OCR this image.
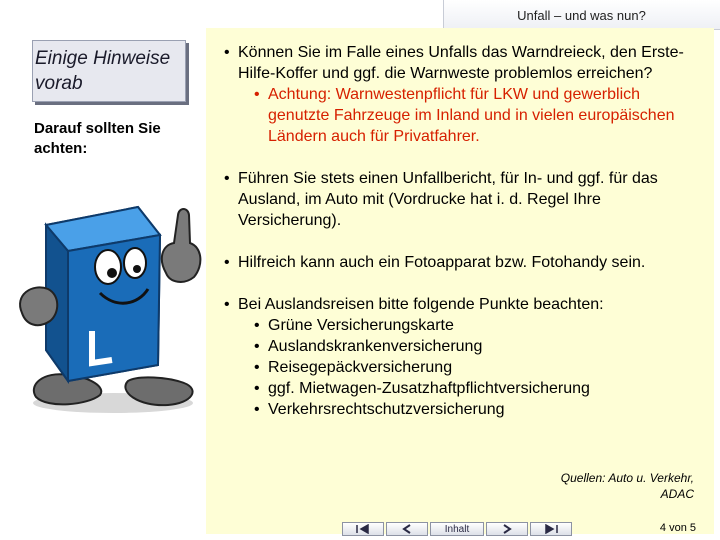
Unfall – und was nun?
Einige Hinweise vorab
Darauf sollten Sie achten:
• Können Sie im Falle eines Unfalls das Warndreieck, den Erste-Hilfe-Koffer und ggf. die Warnweste problemlos erreichen?
• Achtung: Warnwestenpflicht für LKW und gewerblich genutzte Fahrzeuge im Inland und in vielen europäischen Ländern auch für Privatfahrer.
• Führen Sie stets einen Unfallbericht, für In- und ggf. für das Ausland, im Auto mit (Vordrucke hat i. d. Regel Ihre Versicherung).
• Hilfreich kann auch ein Fotoapparat bzw. Fotohandy sein.
• Bei Auslandsreisen bitte folgende Punkte beachten:
• Grüne Versicherungskarte
• Auslandskrankenversicherung
• Reisegepäckversicherung
• ggf. Mietwagen-Zusatzhaftpflichtversicherung
• Verkehrsrechtschutzversicherung
Quellen: Auto u. Verkehr, ADAC
4 von 5
Inhalt
